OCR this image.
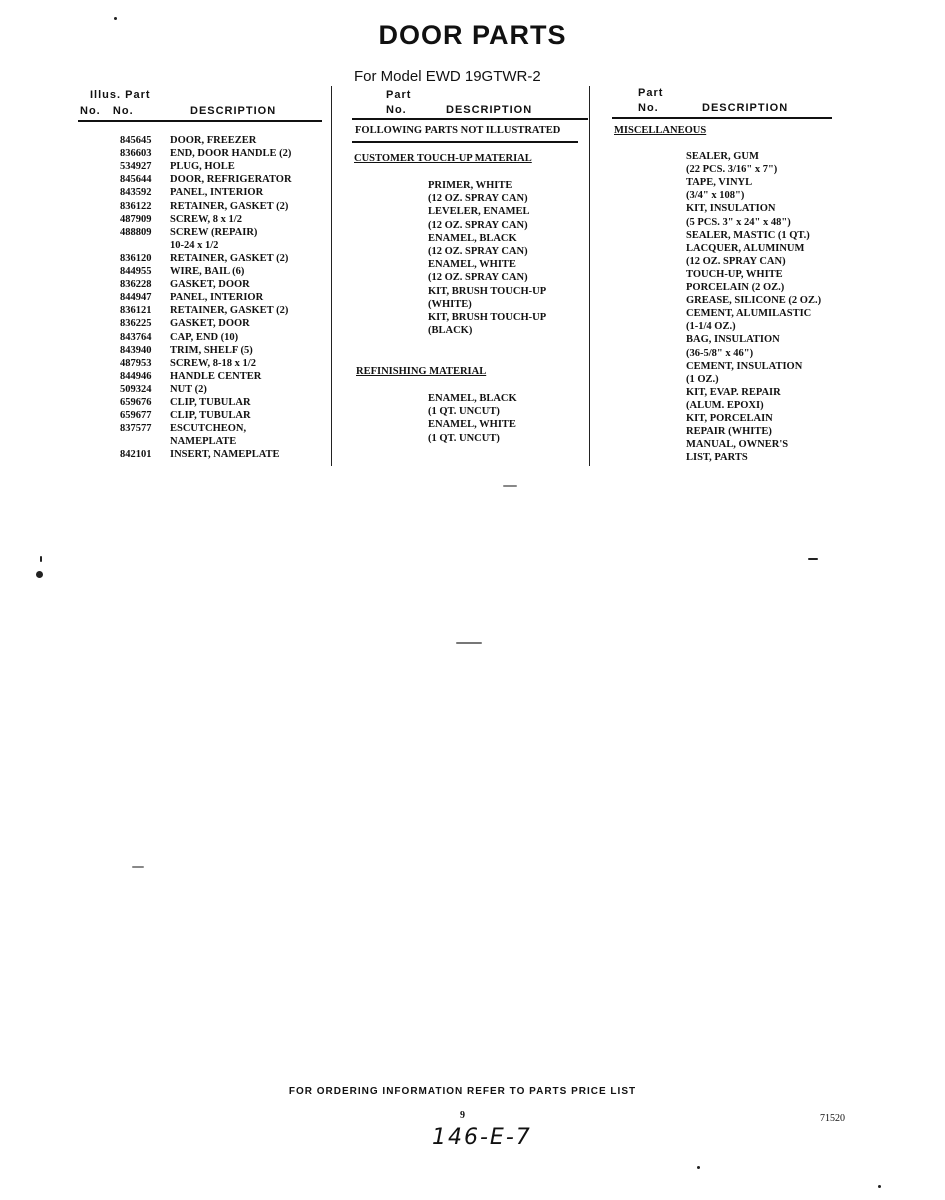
DOOR PARTS
For Model EWD 19GTWR-2
Illus. Part
No. No.	DESCRIPTION
Part
No.	DESCRIPTION
Part
No.	DESCRIPTION
845645 DOOR, FREEZER
836603 END, DOOR HANDLE (2)
534927 PLUG, HOLE
845644 DOOR, REFRIGERATOR
843592 PANEL, INTERIOR
836122 RETAINER, GASKET (2)
487909 SCREW, 8 x 1/2
488809 SCREW (REPAIR)
10-24 x 1/2
836120 RETAINER, GASKET (2)
844955 WIRE, BAIL (6)
836228 GASKET, DOOR
844947 PANEL, INTERIOR
836121 RETAINER, GASKET (2)
836225 GASKET, DOOR
843764 CAP, END (10)
843940 TRIM, SHELF (5)
487953 SCREW, 8-18 x 1/2
844946 HANDLE CENTER
509324 NUT (2)
659676 CLIP, TUBULAR
659677 CLIP, TUBULAR
837577 ESCUTCHEON,
NAMEPLATE
842101 INSERT, NAMEPLATE
FOLLOWING PARTS NOT ILLUSTRATED
CUSTOMER TOUCH-UP MATERIAL
PRIMER, WHITE
(12 OZ. SPRAY CAN)
LEVELER, ENAMEL
(12 OZ. SPRAY CAN)
ENAMEL, BLACK
(12 OZ. SPRAY CAN)
ENAMEL, WHITE
(12 OZ. SPRAY CAN)
KIT, BRUSH TOUCH-UP
(WHITE)
KIT, BRUSH TOUCH-UP
(BLACK)
REFINISHING MATERIAL
ENAMEL, BLACK
(1 QT. UNCUT)
ENAMEL, WHITE
(1 QT. UNCUT)
MISCELLANEOUS
SEALER, GUM
(22 PCS. 3/16" x 7")
TAPE, VINYL
(3/4" x 108")
KIT, INSULATION
(5 PCS. 3" x 24" x 48")
SEALER, MASTIC (1 QT.)
LACQUER, ALUMINUM
(12 OZ. SPRAY CAN)
TOUCH-UP, WHITE
PORCELAIN (2 OZ.)
GREASE, SILICONE (2 OZ.)
CEMENT, ALUMILASTIC
(1-1/4 OZ.)
BAG, INSULATION
(36-5/8" x 46")
CEMENT, INSULATION
(1 OZ.)
KIT, EVAP. REPAIR
(ALUM. EPOXI)
KIT, PORCELAIN
REPAIR (WHITE)
MANUAL, OWNER'S
LIST, PARTS
FOR ORDERING INFORMATION REFER TO PARTS PRICE LIST
9	71520
146-E-7
